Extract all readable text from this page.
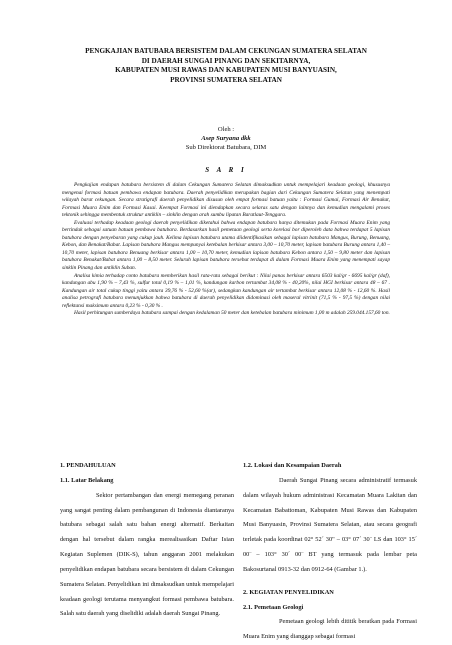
PENGKAJIAN BATUBARA BERSISTEM DALAM CEKUNGAN SUMATERA SELATAN
DI DAERAH SUNGAI PINANG DAN SEKITARNYA,
KABUPATEN MUSI RAWAS DAN KABUPATEN MUSI BANYUASIN,
PROVINSI SUMATERA SELATAN
Oleh :
Asep Suryana dkk
Sub Direktorat Batubara, DIM
S A R I

Pengkajian endapan batubara bersistem di dalam Cekungan Sumatera Selatan dimaksudkan untuk mempelajari keadaan geologi, khususnya mengenai formasi batuan pembawa endapan batubara. Daerah penyelidikan merupakan bagian dari Cekungan Sumatera Selatan yang menempati wilayah barat cekungan. Secara stratigrafi daerah penyelidikan disusun oleh empat formasi batuan yaitu : Formasi Gumai, Formasi Air Benakat, Formasi Muara Enim dan Formasi Kasai. Keempat Formasi ini diendapkan secara selaras satu dengan lainnya dan kemudian mengalami proses tektonik sehingga membentuk struktur antiklin – sinklin dengan arah sumbu lipatan Baratlaut-Tenggara.

Evaluasi terhadap keadaan geologi daerah penyelidikan diketahui bahwa endapan batubara hanya ditemukan pada Formasi Muara Enim yang bertindak sebagai satuan batuan pembawa batubara. Berdasarkan hasil pemetaan geologi serta korelasi bor diperoleh data bahwa terdapat 5 lapisan batubara dengan penyebaran yang cukup jauh. Kelima lapisan batubara utama diidentifikasikan sebagai lapisan batubara Mangus, Burung, Benuang, Kebon, dan Benakat/Babat. Lapisan batubara Mangus mempunyai ketebalan berkisar antara 3,00 – 10,70 meter, lapisan batubara Burung antara 1,40 – 10,70 meter, lapisan batubara Benuang berkisar antara 1,00 – 10,70 meter, kemudian lapisan batubara Kebon antara 1,50 – 9,80 meter dan lapisan batubara Benakat/Babat antara 1,00 – 8,50 meter. Seluruh lapisan batubara tersebut terdapat di dalam Formasi Muara Enim yang menempati sayap sinklin Pinang dan antiklin Suban.

Analisa kimia terhadap conto batubara memberikan hasil rata-rata sebagai berikut : Nilai panas berkisar antara 6503 kal/gr - 6695 kal/gr (daf), kandungan abu 1,90 % – 7,43 %, sulfur total 0,19 % – 1,01 %, kandungan karbon tertambat 34,08 % - 40,20%, nilai HGI berkisar antara 48 – 67 . Kandungan air total cukup tinggi yaitu antara 39,76 % - 52,60 %(ar), sedangkan kandungan air tertambat berkisar antara 12,08 % - 12,60 %. Hasil analisa petrografi batubara menunjukkan bahwa batubara di daerah penyelidikan didominasi oleh maseral vitrinit (71,5 % - 97,5 %) dengan nilai reflektansi maksimum antara 0,23 % - 0,30 % .

Hasil perhitungan sumberdaya batubara sampai dengan kedalaman 50 meter dan ketebalan batubara minimum 1,00 m adalah 259.044.157,60 ton.

1. PENDAHULUAN
1.1. Latar Belakang

Sektor pertambangan dan energi memegang peranan yang sangat penting dalam pembangunan di Indonesia diantaranya batubara sebagai salah satu bahan energi alternatif. Berkaitan dengan hal tersebut dalam rangka merealisasikan Daftar Isian Kegiatan Suplemen (DIK-S), tahun anggaran 2001 melakukan penyelidikan endapan batubara secara bersistem di dalam Cekungan Sumatera Selatan. Penyelidikan ini dimaksudkan untuk mempelajari keadaan geologi terutama menyangkut formasi pembawa batubara. Salah satu daerah yang diselidiki adalah daerah Sungai Pinang.

1.2. Lokasi dan Kesampaian Daerah

Daerah Sungai Pinang secara administratif termasuk dalam wilayah hukum administrasi Kecamatan Muara Lakitan dan Kecamatan Babattoman, Kabupaten Musi Rawas dan Kabupaten Musi Banyuasin, Provinsi Sumatera Selatan, atau secara geografi terletak pada koordinat 02° 52´ 30" – 03° 07´ 30¨ LS dan 103° 15´ 00¨ – 103° 30´ 00¨ BT yang termasuk pada lembar peta Bakosurtanal 0913-32 dan 0912-64 (Gambar 1.).

2. KEGIATAN PENYELIDIKAN
2.1. Pemetaan Geologi

Pemetaan geologi lebih dititik beratkan pada Formasi Muara Enim yang dianggap sebagai formasi
